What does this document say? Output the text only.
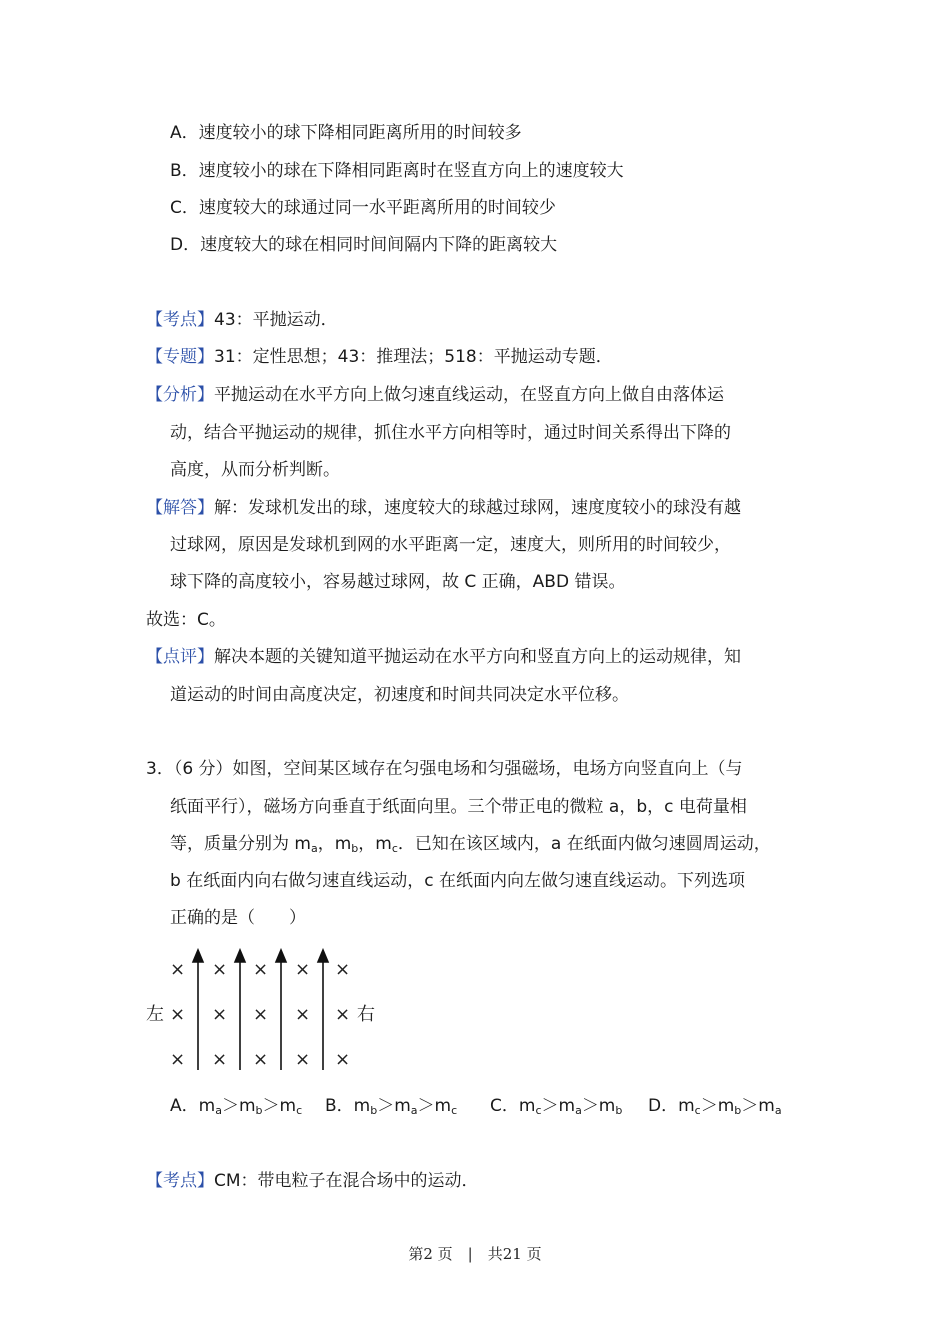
A．速度较小的球下降相同距离所用的时间较多
B．速度较小的球在下降相同距离时在竖直方向上的速度较大
C．速度较大的球通过同一水平距离所用的时间较少
D．速度较大的球在相同时间间隔内下降的距离较大
【考点】43：平抛运动．
【专题】31：定性思想；43：推理法；518：平抛运动专题．
【分析】平抛运动在水平方向上做匀速直线运动，在竖直方向上做自由落体运
动，结合平抛运动的规律，抓住水平方向相等时，通过时间关系得出下降的
高度，从而分析判断。
【解答】解：发球机发出的球，速度较大的球越过球网，速度度较小的球没有越
过球网，原因是发球机到网的水平距离一定，速度大，则所用的时间较少，
球下降的高度较小，容易越过球网，故 C 正确，ABD 错误。
故选：C。
【点评】解决本题的关键知道平抛运动在水平方向和竖直方向上的运动规律，知
道运动的时间由高度决定，初速度和时间共同决定水平位移。
3．（6 分）如图，空间某区域存在匀强电场和匀强磁场，电场方向竖直向上（与
纸面平行），磁场方向垂直于纸面向里。三个带正电的微粒 a，b，c 电荷量相
等，质量分别为 $m_a$，$m_b$，$m_c$．已知在该区域内，a 在纸面内做匀速圆周运动，
b 在纸面内向右做匀速直线运动，c 在纸面内向左做匀速直线运动。下列选项
正确的是（　　）
× × × × ×
左 × × × × × 右
× × × × ×
A．$m_a>m_b>m_c$ B．$m_b>m_a>m_c$ C．$m_c>m_a>m_b$ D．$m_c>m_b>m_a$
【考点】CM：带电粒子在混合场中的运动．
第2 页　|　共21 页
